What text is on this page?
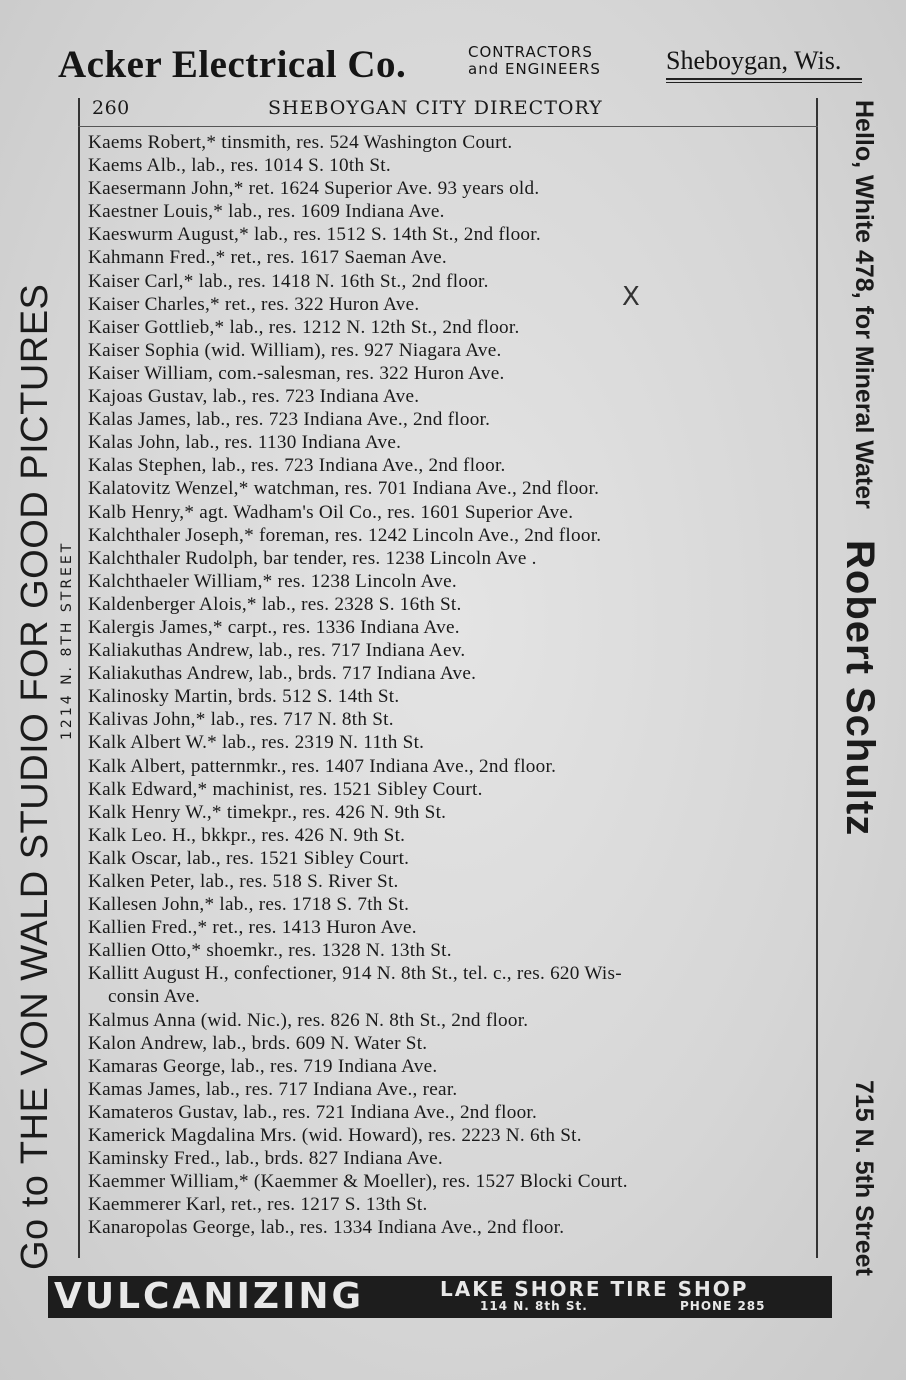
Acker Electrical Co.	CONTRACTORS
and ENGINEERS	Sheboygan, Wis.
260	SHEBOYGAN CITY DIRECTORY
Kaems Robert,* tinsmith, res. 524 Washington Court.
Kaems Alb., lab., res. 1014 S. 10th St.
Kaesermann John,* ret. 1624 Superior Ave. 93 years old.
Kaestner Louis,* lab., res. 1609 Indiana Ave.
Kaeswurm August,* lab., res. 1512 S. 14th St., 2nd floor.
Kahmann Fred.,* ret., res. 1617 Saeman Ave.
Kaiser Carl,* lab., res. 1418 N. 16th St., 2nd floor.
Kaiser Charles,* ret., res. 322 Huron Ave.
Kaiser Gottlieb,* lab., res. 1212 N. 12th St., 2nd floor.
Kaiser Sophia (wid. William), res. 927 Niagara Ave.
Kaiser William, com.-salesman, res. 322 Huron Ave.
Kajoas Gustav, lab., res. 723 Indiana Ave.
Kalas James, lab., res. 723 Indiana Ave., 2nd floor.
Kalas John, lab., res. 1130 Indiana Ave.
Kalas Stephen, lab., res. 723 Indiana Ave., 2nd floor.
Kalatovitz Wenzel,* watchman, res. 701 Indiana Ave., 2nd floor.
Kalb Henry,* agt. Wadham's Oil Co., res. 1601 Superior Ave.
Kalchthaler Joseph,* foreman, res. 1242 Lincoln Ave., 2nd floor.
Kalchthaler Rudolph, bar tender, res. 1238 Lincoln Ave .
Kalchthaeler William,* res. 1238 Lincoln Ave.
Kaldenberger Alois,* lab., res. 2328 S. 16th St.
Kalergis James,* carpt., res. 1336 Indiana Ave.
Kaliakuthas Andrew, lab., res. 717 Indiana Aev.
Kaliakuthas Andrew, lab., brds. 717 Indiana Ave.
Kalinosky Martin, brds. 512 S. 14th St.
Kalivas John,* lab., res. 717 N. 8th St.
Kalk Albert W.* lab., res. 2319 N. 11th St.
Kalk Albert, patternmkr., res. 1407 Indiana Ave., 2nd floor.
Kalk Edward,* machinist, res. 1521 Sibley Court.
Kalk Henry W.,* timekpr., res. 426 N. 9th St.
Kalk Leo. H., bkkpr., res. 426 N. 9th St.
Kalk Oscar, lab., res. 1521 Sibley Court.
Kalken Peter, lab., res. 518 S. River St.
Kallesen John,* lab., res. 1718 S. 7th St.
Kallien Fred.,* ret., res. 1413 Huron Ave.
Kallien Otto,* shoemkr., res. 1328 N. 13th St.
Kallitt August H., confectioner, 914 N. 8th St., tel. c., res. 620 Wis-
consin Ave.
Kalmus Anna (wid. Nic.), res. 826 N. 8th St., 2nd floor.
Kalon Andrew, lab., brds. 609 N. Water St.
Kamaras George, lab., res. 719 Indiana Ave.
Kamas James, lab., res. 717 Indiana Ave., rear.
Kamateros Gustav, lab., res. 721 Indiana Ave., 2nd floor.
Kamerick Magdalina Mrs. (wid. Howard), res. 2223 N. 6th St.
Kaminsky Fred., lab., brds. 827 Indiana Ave.
Kaemmer William,* (Kaemmer & Moeller), res. 1527 Blocki Court.
Kaemmerer Karl, ret., res. 1217 S. 13th St.
Kanaropolas George, lab., res. 1334 Indiana Ave., 2nd floor.
X
Go to THE VON WALD STUDIO FOR GOOD PICTURES 1214 N. 8TH STREET
Hello, White 478, for Mineral Water
Robert Schultz
715 N. 5th Street
VULCANIZING	LAKE SHORE TIRE SHOP
114 N. 8th St.	PHONE 285
